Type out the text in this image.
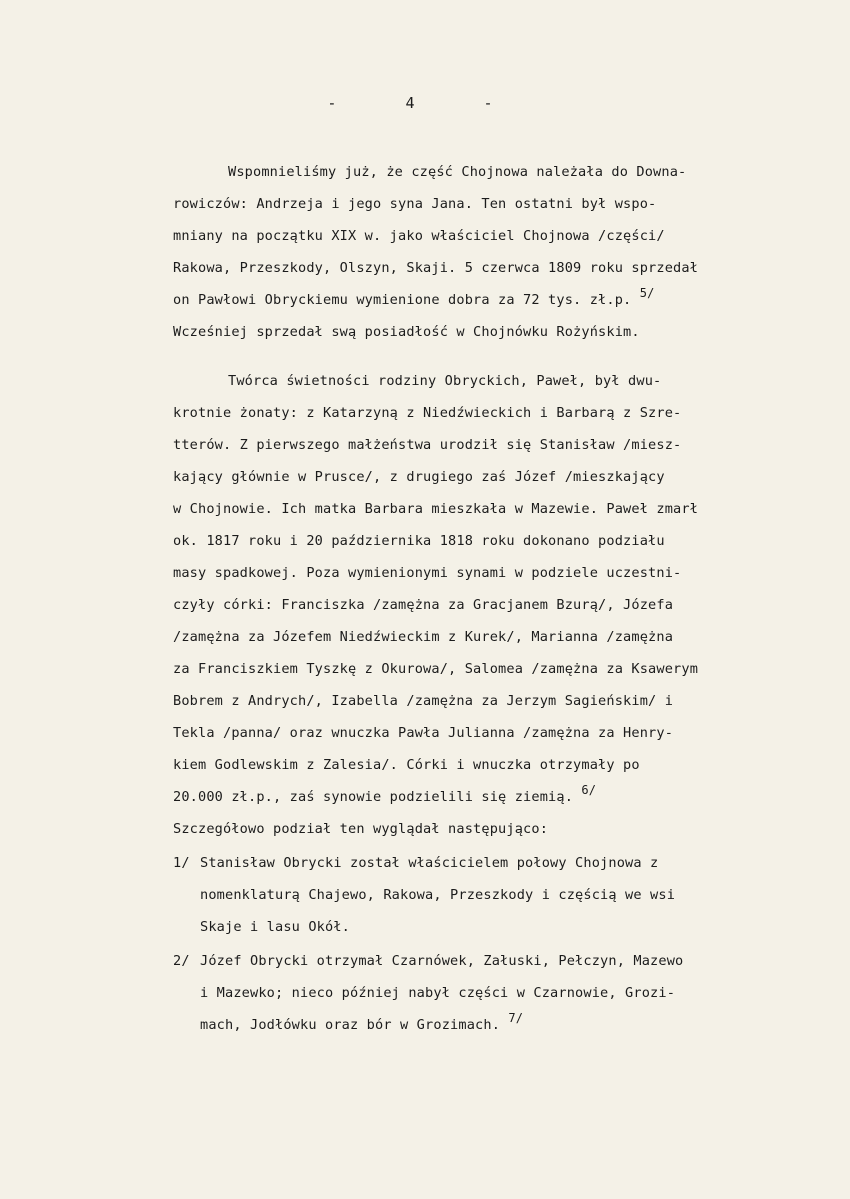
- 4 -
Wspomnieliśmy już, że część Chojnowa należała do Downa-
rowiczów: Andrzeja i jego syna Jana. Ten ostatni był wspo-
mniany na początku XIX w. jako właściciel Chojnowa /części/
Rakowa, Przeszkody, Olszyn, Skaji. 5 czerwca 1809 roku sprzedał
on Pawłowi Obryckiemu wymienione dobra za 72 tys. zł.p. 5/
Wcześniej sprzedał swą posiadłość w Chojnówku Rożyńskim.
Twórca świetności rodziny Obryckich, Paweł, był dwu-
krotnie żonaty: z Katarzyną z Niedźwieckich i Barbarą z Szre-
tterów. Z pierwszego małżeństwa urodził się Stanisław /miesz-
kający głównie w Prusce/, z drugiego zaś Józef /mieszkający
w Chojnowie. Ich matka Barbara mieszkała w Mazewie. Paweł zmarł
ok. 1817 roku i 20 października 1818 roku dokonano podziału
masy spadkowej. Poza wymienionymi synami w podziele uczestni-
czyły córki: Franciszka /zamężna za Gracjanem Bzurą/, Józefa
/zamężna za Józefem Niedźwieckim z Kurek/, Marianna /zamężna
za Franciszkiem Tyszkę z Okurowa/, Salomea /zamężna za Ksawerym
Bobrem z Andrych/, Izabella /zamężna za Jerzym Sagieńskim/ i
Tekla /panna/ oraz wnuczka Pawła Julianna /zamężna za Henry-
kiem Godlewskim z Zalesia/. Córki i wnuczka otrzymały po
20.000 zł.p., zaś synowie podzielili się ziemią. 6/
Szczegółowo podział ten wyglądał następująco:
1/ Stanisław Obrycki został właścicielem połowy Chojnowa z
nomenklaturą Chajewo, Rakowa, Przeszkody i częścią we wsi
Skaje i lasu Okół.
2/ Józef Obrycki otrzymał Czarnówek, Załuski, Pełczyn, Mazewo
i Mazewko; nieco później nabył części w Czarnowie, Grozi-
mach, Jodłówku oraz bór w Grozimach. 7/
